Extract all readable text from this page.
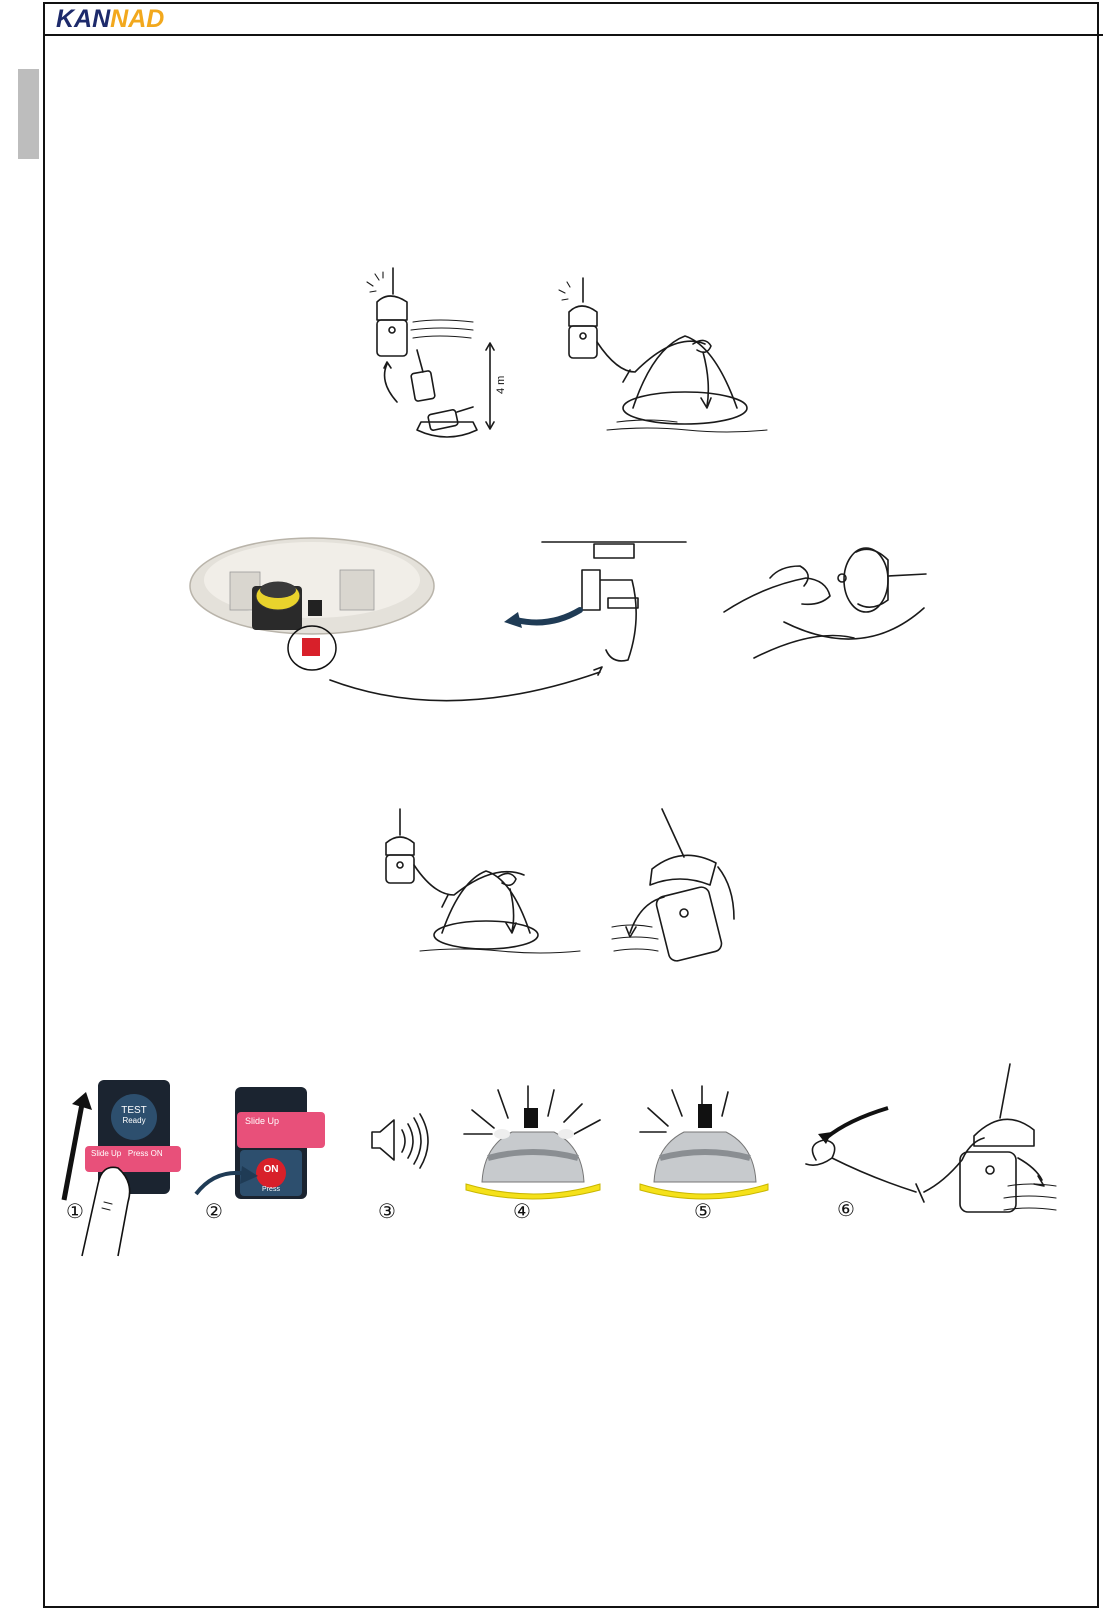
KANNAD
4 m
TEST
Ready
Slide Up Press ON
Slide Up
ON
Press
①	②	③	④	⑤	⑥
